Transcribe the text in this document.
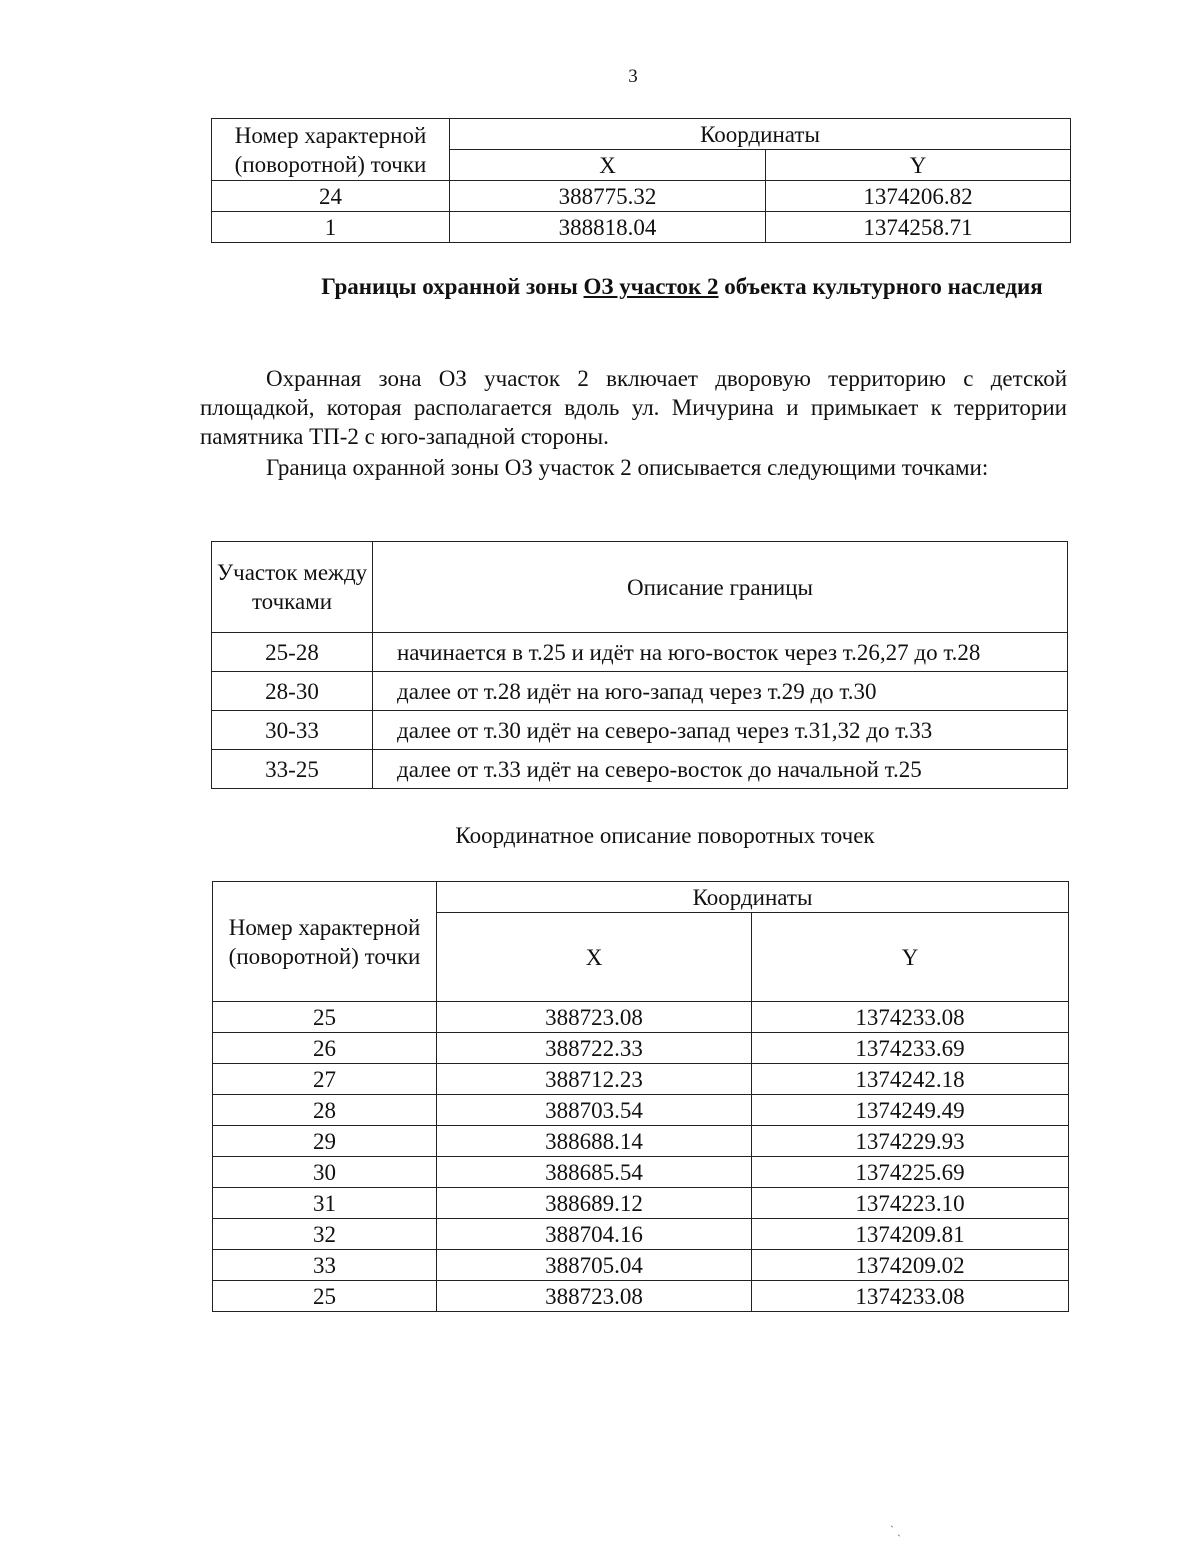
3
Номер характерной (поворотной) точки	Координаты	
	X	Y
24	388775.32	1374206.82
1	388818.04	1374258.71
Границы охранной зоны ОЗ участок 2 объекта культурного наследия

Охранная зона ОЗ участок 2 включает дворовую территорию с детской площадкой, которая располагается вдоль ул. Мичурина и примыкает к территории памятника ТП-2 с юго-западной стороны.

Граница охранной зоны ОЗ участок 2 описывается следующими точками:

Участок между точками	Описание границы
25-28	начинается в т.25 и идёт на юго-восток через т.26,27 до т.28
28-30	далее от т.28 идёт на юго-запад через т.29 до т.30
30-33	далее от т.30 идёт на северо-запад через т.31,32 до т.33
33-25	далее от т.33 идёт на северо-восток до начальной т.25
Координатное описание поворотных точек
Номер характерной (поворотной) точки	Координаты	
	X	Y
25	388723.08	1374233.08
26	388722.33	1374233.69
27	388712.23	1374242.18
28	388703.54	1374249.49
29	388688.14	1374229.93
30	388685.54	1374225.69
31	388689.12	1374223.10
32	388704.16	1374209.81
33	388705.04	1374209.02
25	388723.08	1374233.08
ˋ ˎ
